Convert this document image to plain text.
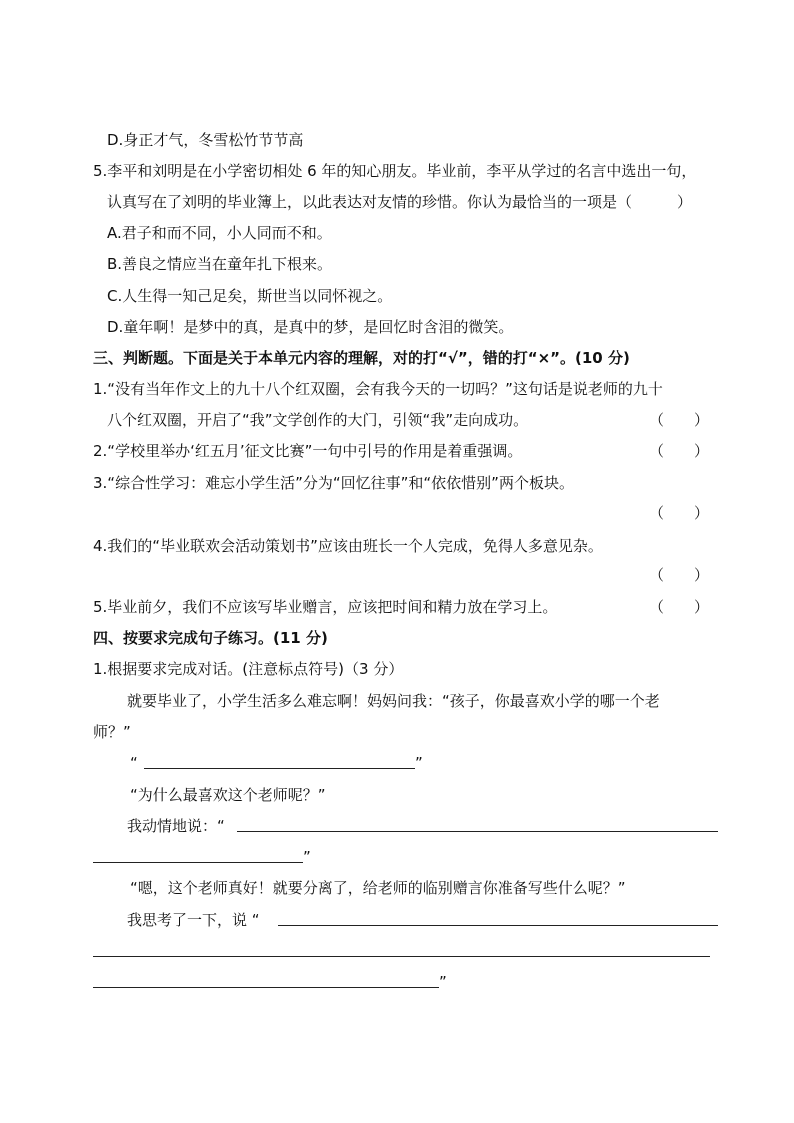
D.身正才气，冬雪松竹节节高
5.李平和刘明是在小学密切相处 6 年的知心朋友。毕业前，李平从学过的名言中选出一句，
认真写在了刘明的毕业簿上，以此表达对友情的珍惜。你认为最恰当的一项是（　　　）
A.君子和而不同，小人同而不和。
B.善良之情应当在童年扎下根来。
C.人生得一知己足矣，斯世当以同怀视之。
D.童年啊！是梦中的真，是真中的梦，是回忆时含泪的微笑。
三、判断题。下面是关于本单元内容的理解，对的打“√”，错的打“×”。(10 分)
1.“没有当年作文上的九十八个红双圈，会有我今天的一切吗？”这句话是说老师的九十
八个红双圈，开启了“我”文学创作的大门，引领“我”走向成功。	（　　）
2.“学校里举办‘红五月’征文比赛”一句中引号的作用是着重强调。	（　　）
3.“综合性学习：难忘小学生活”分为“回忆往事”和“依依惜别”两个板块。
（　　）
4.我们的“毕业联欢会活动策划书”应该由班长一个人完成，免得人多意见杂。
（　　）
5.毕业前夕，我们不应该写毕业赠言，应该把时间和精力放在学习上。	（　　）
四、按要求完成句子练习。(11 分)
1.根据要求完成对话。(注意标点符号)（3 分）
就要毕业了，小学生活多么难忘啊！妈妈问我：“孩子，你最喜欢小学的哪一个老
师？”
“	”
“为什么最喜欢这个老师呢？”
我动情地说：“
”
“嗯，这个老师真好！就要分离了，给老师的临别赠言你准备写些什么呢？”
我思考了一下，说 “
”
